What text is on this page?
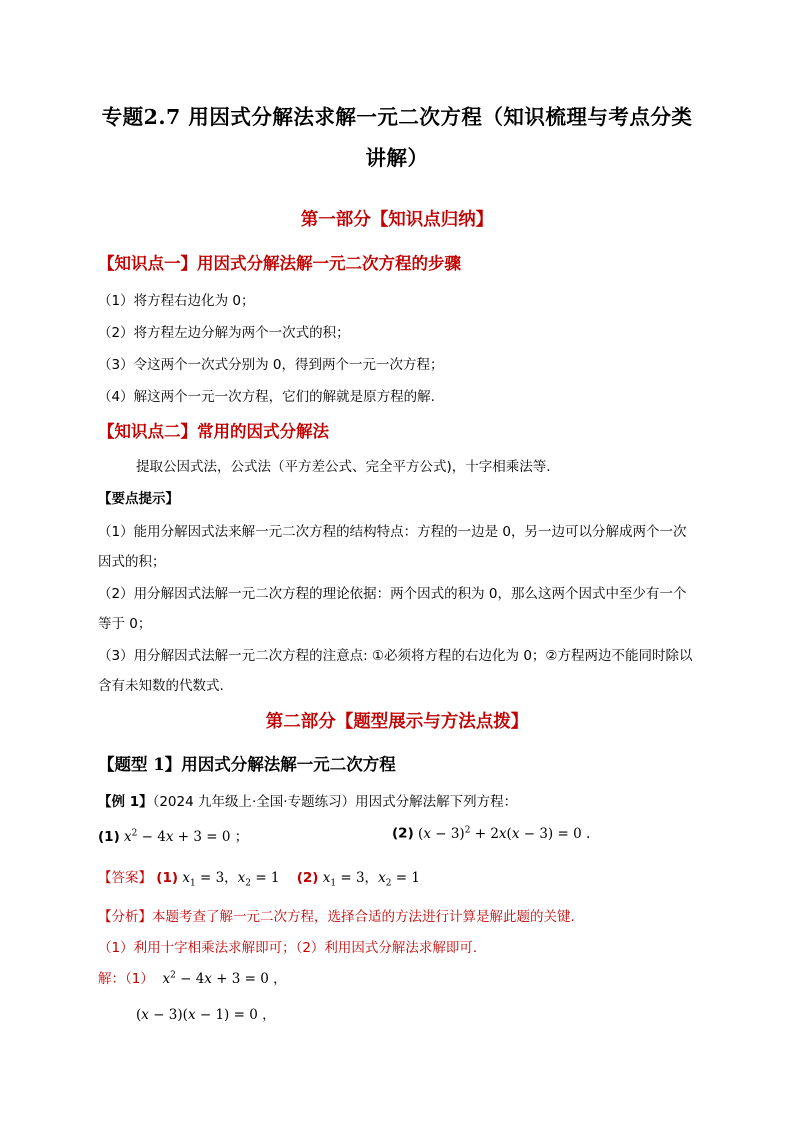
专题2.7 用因式分解法求解一元二次方程（知识梳理与考点分类
讲解）
第一部分【知识点归纳】
【知识点一】用因式分解法解一元二次方程的步骤
（1）将方程右边化为 0；
（2）将方程左边分解为两个一次式的积；
（3）令这两个一次式分别为 0，得到两个一元一次方程；
（4）解这两个一元一次方程，它们的解就是原方程的解.
【知识点二】常用的因式分解法
提取公因式法，公式法（平方差公式、完全平方公式)，十字相乘法等.
【要点提示】
（1）能用分解因式法来解一元二次方程的结构特点：方程的一边是 0，另一边可以分解成两个一次
因式的积；
（2）用分解因式法解一元二次方程的理论依据：两个因式的积为 0，那么这两个因式中至少有一个
等于 0；
（3）用分解因式法解一元二次方程的注意点: ①必须将方程的右边化为 0；②方程两边不能同时除以
含有未知数的代数式.
第二部分【题型展示与方法点拨】
【题型 1】用因式分解法解一元二次方程
【例 1】（2024 九年级上·全国·专题练习）用因式分解法解下列方程：
(1) $x^2 - 4x + 3 = 0$ ；	(2) $(x - 3)^2 + 2x(x - 3) = 0$ .
【答案】 (1) $x_1 = 3$，$x_2 = 1$ (2) $x_1 = 3$，$x_2 = 1$
【分析】本题考查了解一元二次方程，选择合适的方法进行计算是解此题的关键.
（1）利用十字相乘法求解即可；（2）利用因式分解法求解即可.
解：（1） $x^2 - 4x + 3 = 0$ ，
(x − 3)(x − 1) = 0 ，
